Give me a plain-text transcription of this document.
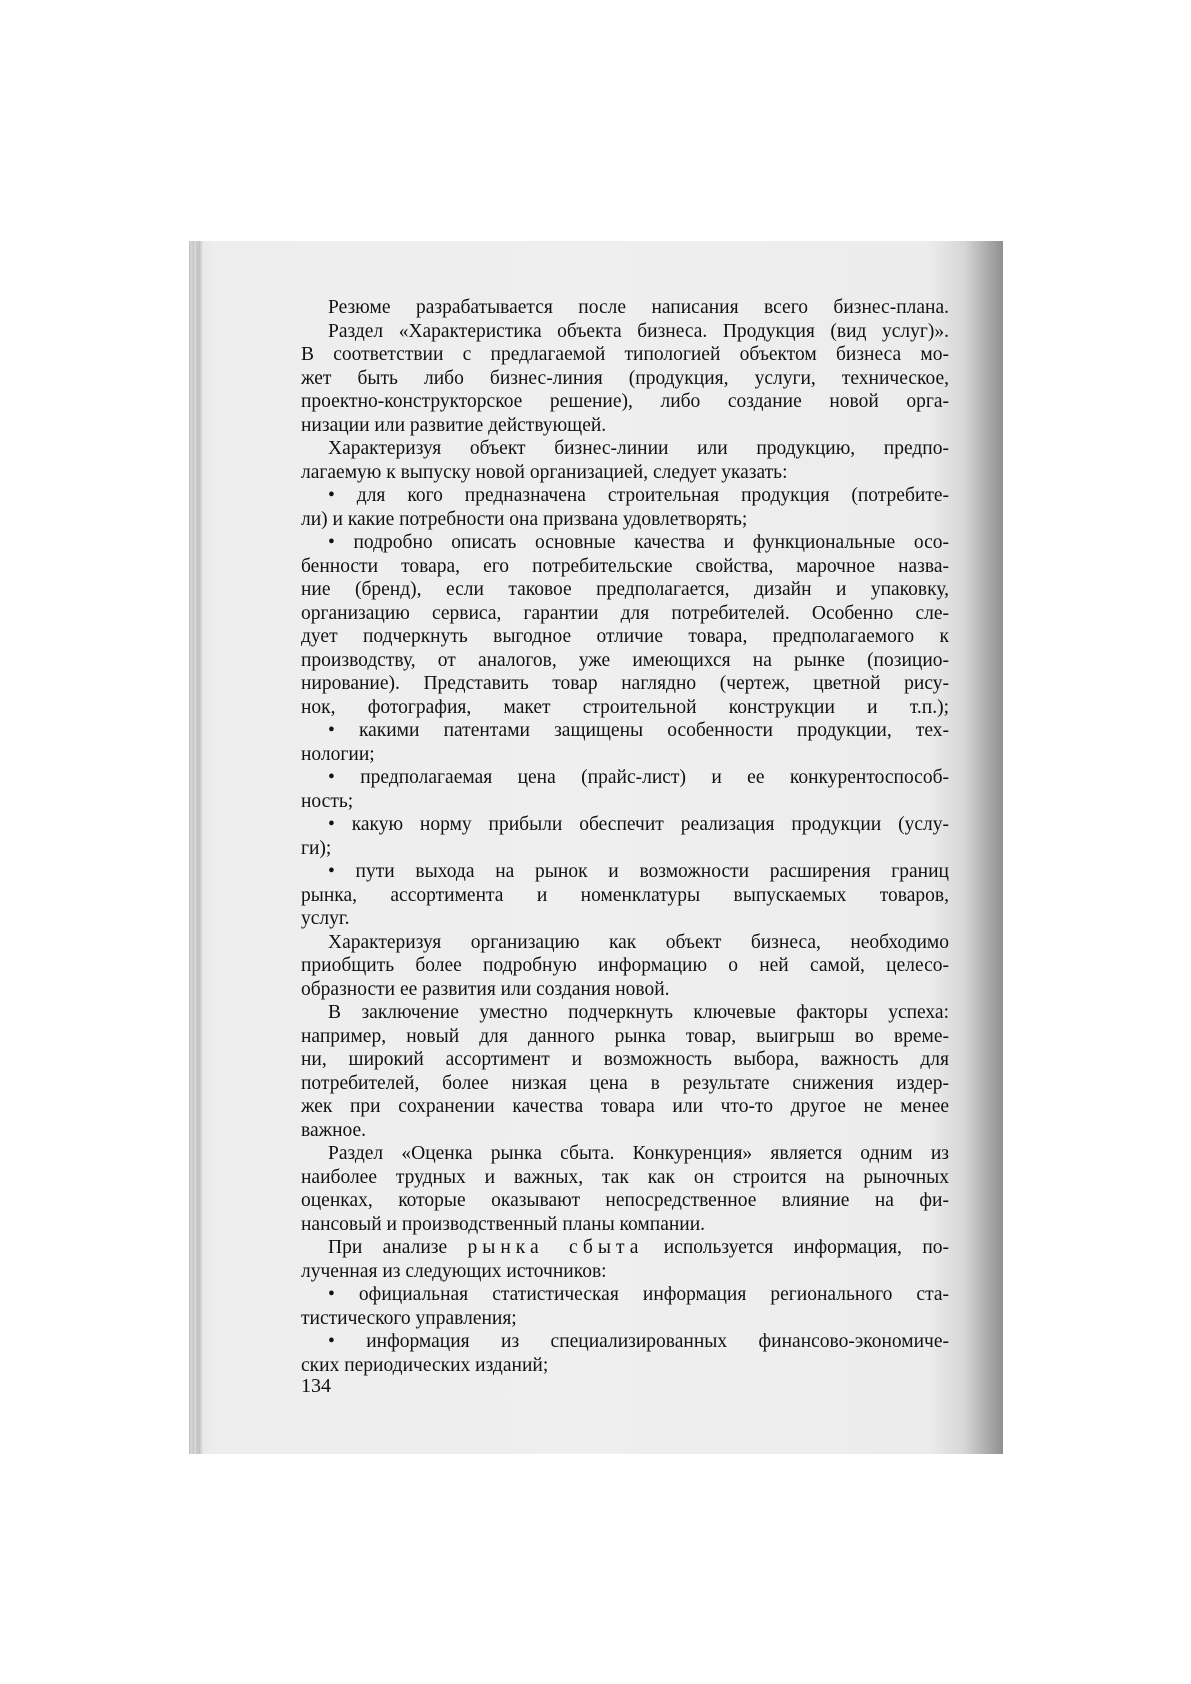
Резюме разрабатывается после написания всего бизнес-плана.
Раздел «Характеристика объекта бизнеса. Продукция (вид услуг)».
В соответствии с предлагаемой типологией объектом бизнеса мо-
жет быть либо бизнес-линия (продукция, услуги, техническое,
проектно-конструкторское решение), либо создание новой орга-
низации или развитие действующей.
Характеризуя объект бизнес-линии или продукцию, предпо-
лагаемую к выпуску новой организацией, следует указать:
• для кого предназначена строительная продукция (потребите-
ли) и какие потребности она призвана удовлетворять;
• подробно описать основные качества и функциональные осо-
бенности товара, его потребительские свойства, марочное назва-
ние (бренд), если таковое предполагается, дизайн и упаковку,
организацию сервиса, гарантии для потребителей. Особенно сле-
дует подчеркнуть выгодное отличие товара, предполагаемого к
производству, от аналогов, уже имеющихся на рынке (позицио-
нирование). Представить товар наглядно (чертеж, цветной рису-
нок, фотография, макет строительной конструкции и т.п.);
• какими патентами защищены особенности продукции, тех-
нологии;
• предполагаемая цена (прайс-лист) и ее конкурентоспособ-
ность;
• какую норму прибыли обеспечит реализация продукции (услу-
ги);
• пути выхода на рынок и возможности расширения границ
рынка, ассортимента и номенклатуры выпускаемых товаров,
услуг.
Характеризуя организацию как объект бизнеса, необходимо
приобщить более подробную информацию о ней самой, целесо-
образности ее развития или создания новой.
В заключение уместно подчеркнуть ключевые факторы успеха:
например, новый для данного рынка товар, выигрыш во време-
ни, широкий ассортимент и возможность выбора, важность для
потребителей, более низкая цена в результате снижения издер-
жек при сохранении качества товара или что-то другое не менее
важное.
Раздел «Оценка рынка сбыта. Конкуренция» является одним из
наиболее трудных и важных, так как он строится на рыночных
оценках, которые оказывают непосредственное влияние на фи-
нансовый и производственный планы компании.
При анализе рынка сбыта используется информация, по-
лученная из следующих источников:
• официальная статистическая информация регионального ста-
тистического управления;
• информация из специализированных финансово-экономиче-
ских периодических изданий;
134
